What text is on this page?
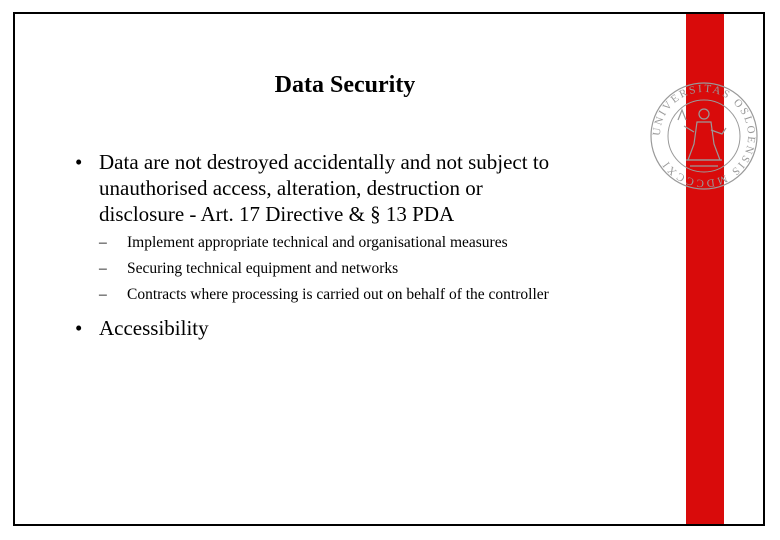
UNIVERSITAS OSLOENSIS MDCCCXI
Data Security
• Data are not destroyed accidentally and not subject to
unauthorised access, alteration, destruction or
disclosure - Art. 17 Directive & § 13 PDA
– Implement appropriate technical and organisational measures
– Securing technical equipment and networks
– Contracts where processing is carried out on behalf of the controller
• Accessibility
